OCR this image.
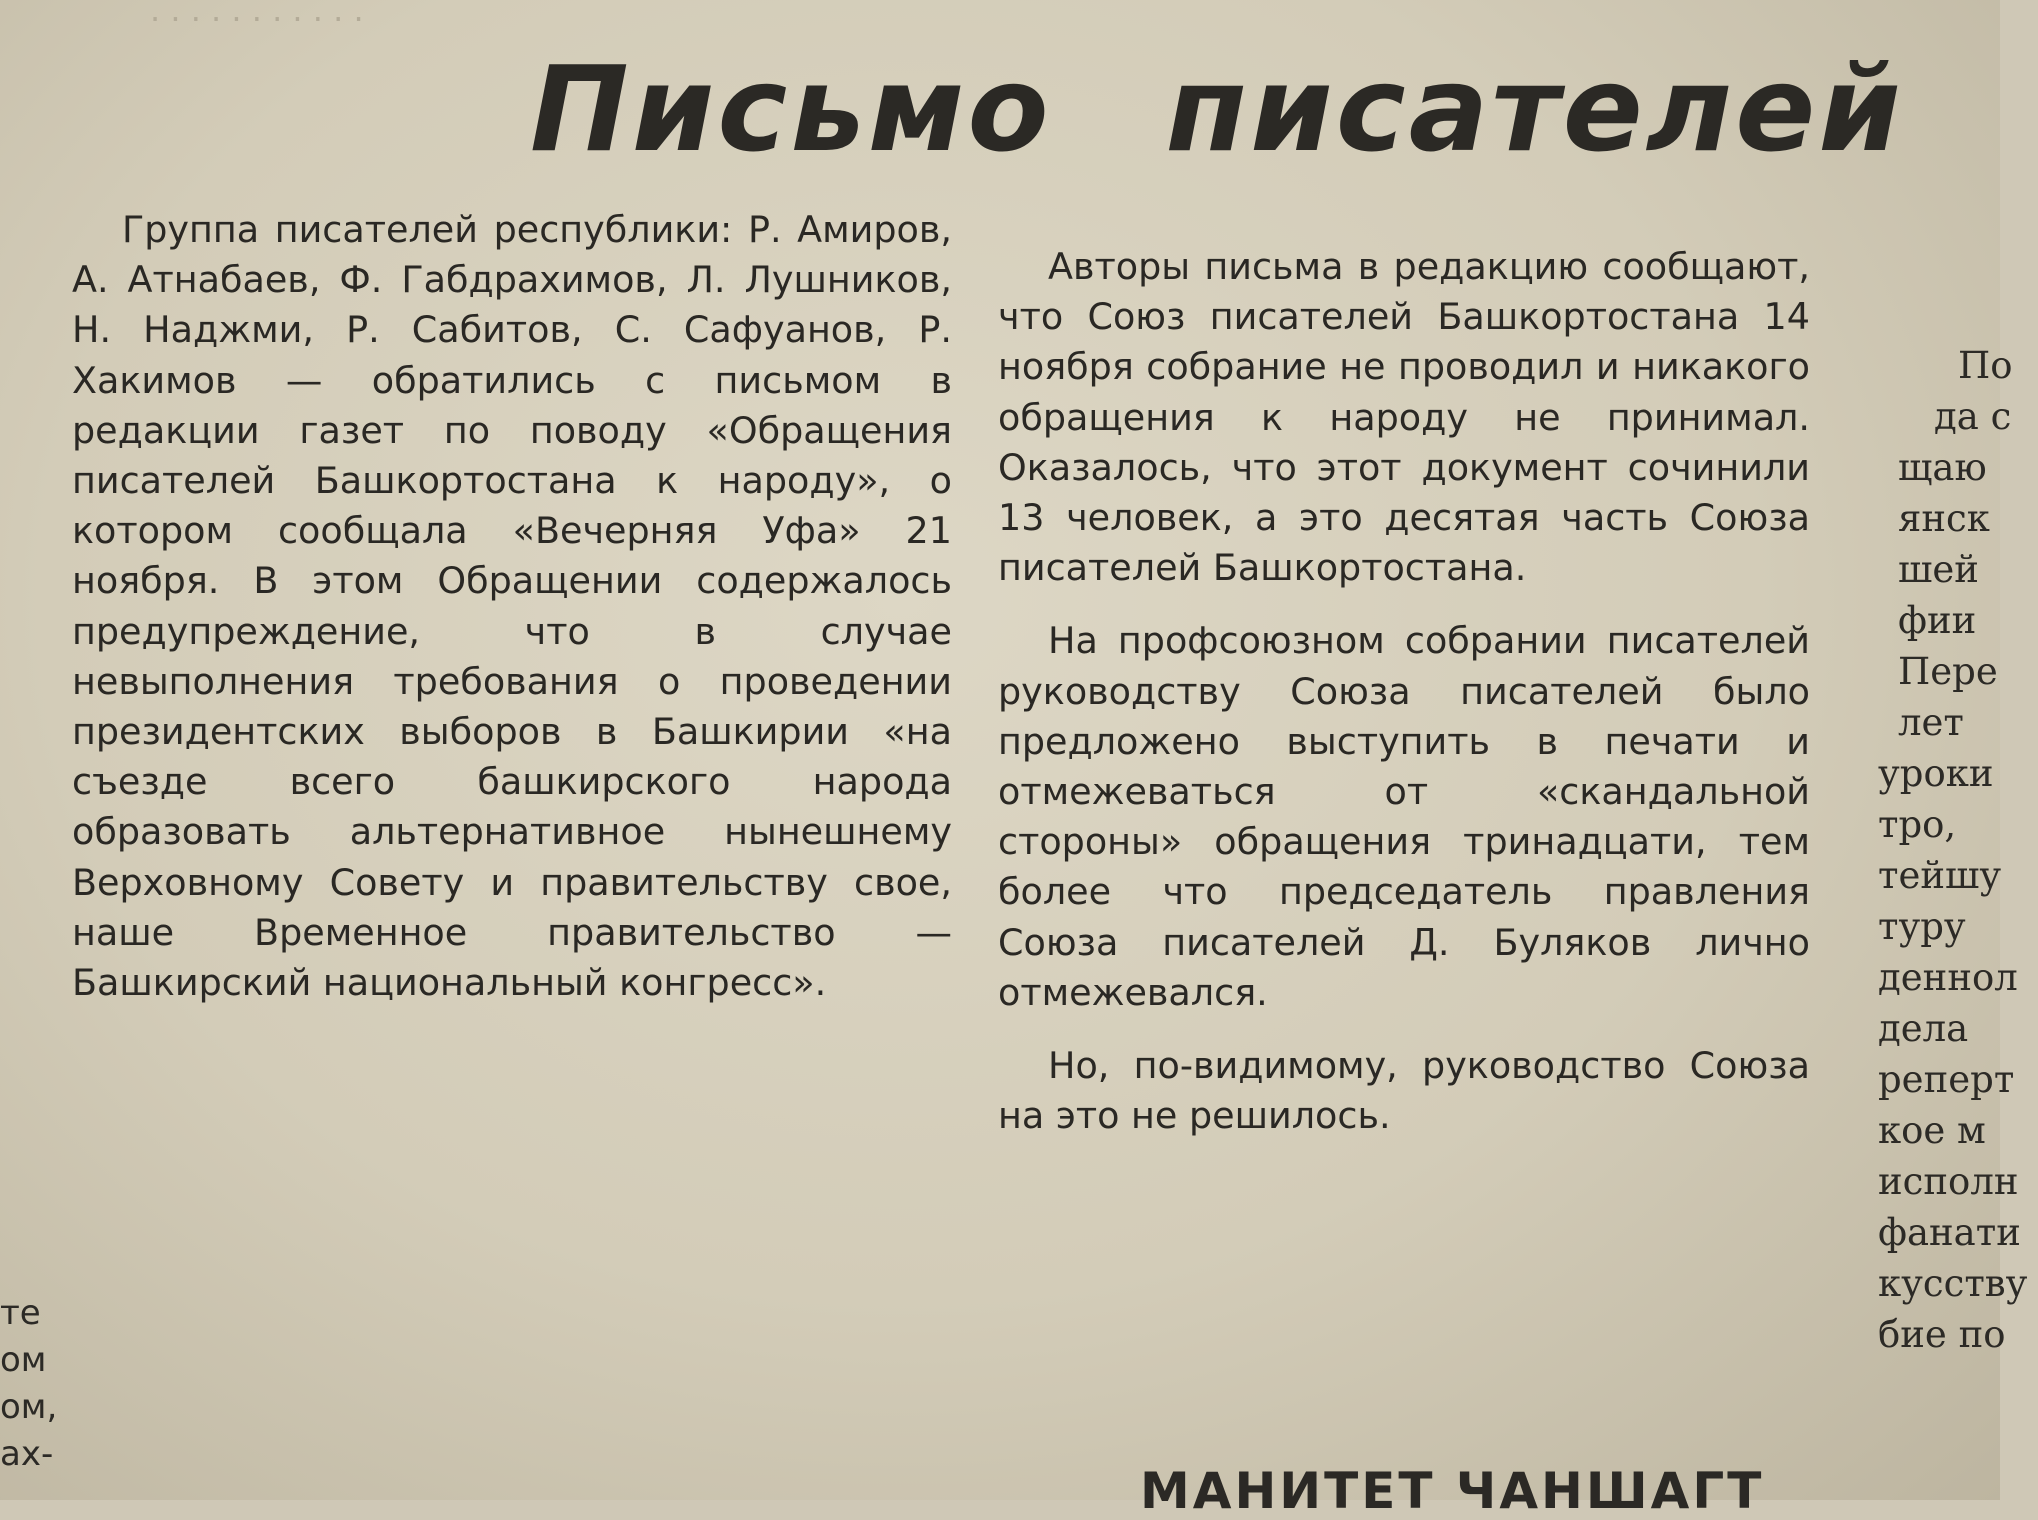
· · · · · · · · · · ·
Письмо писателей

Группа писателей республики: Р. Амиров, А. Атнабаев, Ф. Габдрахимов, Л. Лушников, Н. Наджми, Р. Сабитов, С. Сафуанов, Р. Хакимов — обратились с письмом в редакции газет по поводу «Обращения писателей Башкортостана к народу», о котором сообщала «Вечерняя Уфа» 21 ноября. В этом Обращении содержалось предупреждение, что в случае невыполнения требования о проведении президентских выборов в Башкирии «на съезде всего башкирского народа образовать альтернативное нынешнему Верховному Совету и правительству свое, наше Временное правительство — Башкирский национальный конгресс».

Авторы письма в редакцию сообщают, что Союз писателей Башкортостана 14 ноября собрание не проводил и никакого обращения к народу не принимал. Оказалось, что этот документ сочинили 13 человек, а это десятая часть Союза писателей Башкортостана.

На профсоюзном собрании писателей руководству Союза писателей было предложено выступить в печати и отмежеваться от «скандальной стороны» обращения тринадцати, тем более что председатель правления Союза писателей Д. Буляков лично отмежевался.

Но, по-видимому, руководство Союза на это не решилось.

По
да с
щаю
янск
шей
фии
Пере
лет
уроки
тро,
тейшу
туру
деннол
дела
реперт
кое м
исполн
фанати
кусству
бие по
те
ом
ом,
ах-
МАНИТЕТ ЧАНШАГТ
